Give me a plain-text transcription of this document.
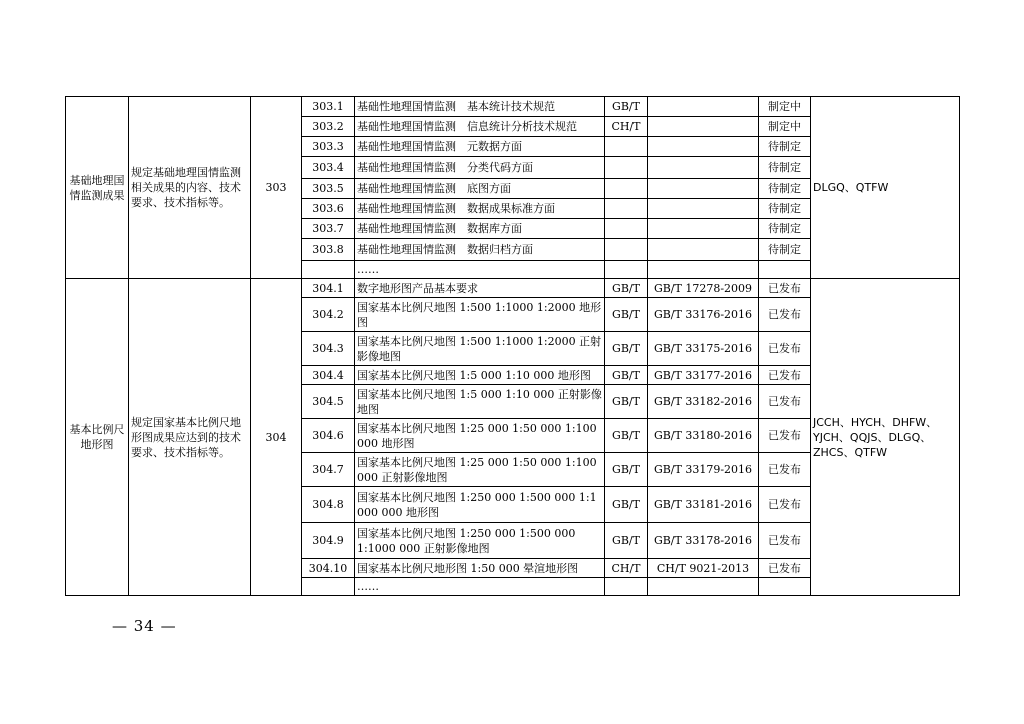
基础地理国情监测成果	规定基础地理国情监测相关成果的内容、技术要求、技术指标等。	303	303.1	基础性地理国情监测　基本统计技术规范	GB/T		制定中	DLGQ、QTFW
			303.2	基础性地理国情监测　信息统计分析技术规范	CH/T		制定中	
			303.3	基础性地理国情监测　元数据方面			待制定	
			303.4	基础性地理国情监测　分类代码方面			待制定	
			303.5	基础性地理国情监测　底图方面			待制定	
			303.6	基础性地理国情监测　数据成果标准方面			待制定	
			303.7	基础性地理国情监测　数据库方面			待制定	
			303.8	基础性地理国情监测　数据归档方面			待制定	
				……				
基本比例尺地形图	规定国家基本比例尺地形图成果应达到的技术要求、技术指标等。	304	304.1	数字地形图产品基本要求	GB/T	GB/T 17278-2009	已发布	JCCH、HYCH、DHFW、YJCH、QQJS、DLGQ、ZHCS、QTFW
			304.2	国家基本比例尺地图 1:500 1:1000 1:2000 地形图	GB/T	GB/T 33176-2016	已发布	
			304.3	国家基本比例尺地图 1:500 1:1000 1:2000 正射影像地图	GB/T	GB/T 33175-2016	已发布	
			304.4	国家基本比例尺地图 1:5 000 1:10 000 地形图	GB/T	GB/T 33177-2016	已发布	
			304.5	国家基本比例尺地图 1:5 000 1:10 000 正射影像地图	GB/T	GB/T 33182-2016	已发布	
			304.6	国家基本比例尺地图 1:25 000 1:50 000 1:100 000 地形图	GB/T	GB/T 33180-2016	已发布	
			304.7	国家基本比例尺地图 1:25 000 1:50 000 1:100 000 正射影像地图	GB/T	GB/T 33179-2016	已发布	
			304.8	国家基本比例尺地图 1:250 000 1:500 000 1:1 000 000 地形图	GB/T	GB/T 33181-2016	已发布	
			304.9	国家基本比例尺地图 1:250 000 1:500 000 1:1000 000 正射影像地图	GB/T	GB/T 33178-2016	已发布	
			304.10	国家基本比例尺地形图 1:50 000 晕渲地形图	CH/T	CH/T 9021-2013	已发布	
				……				
— 34 —
